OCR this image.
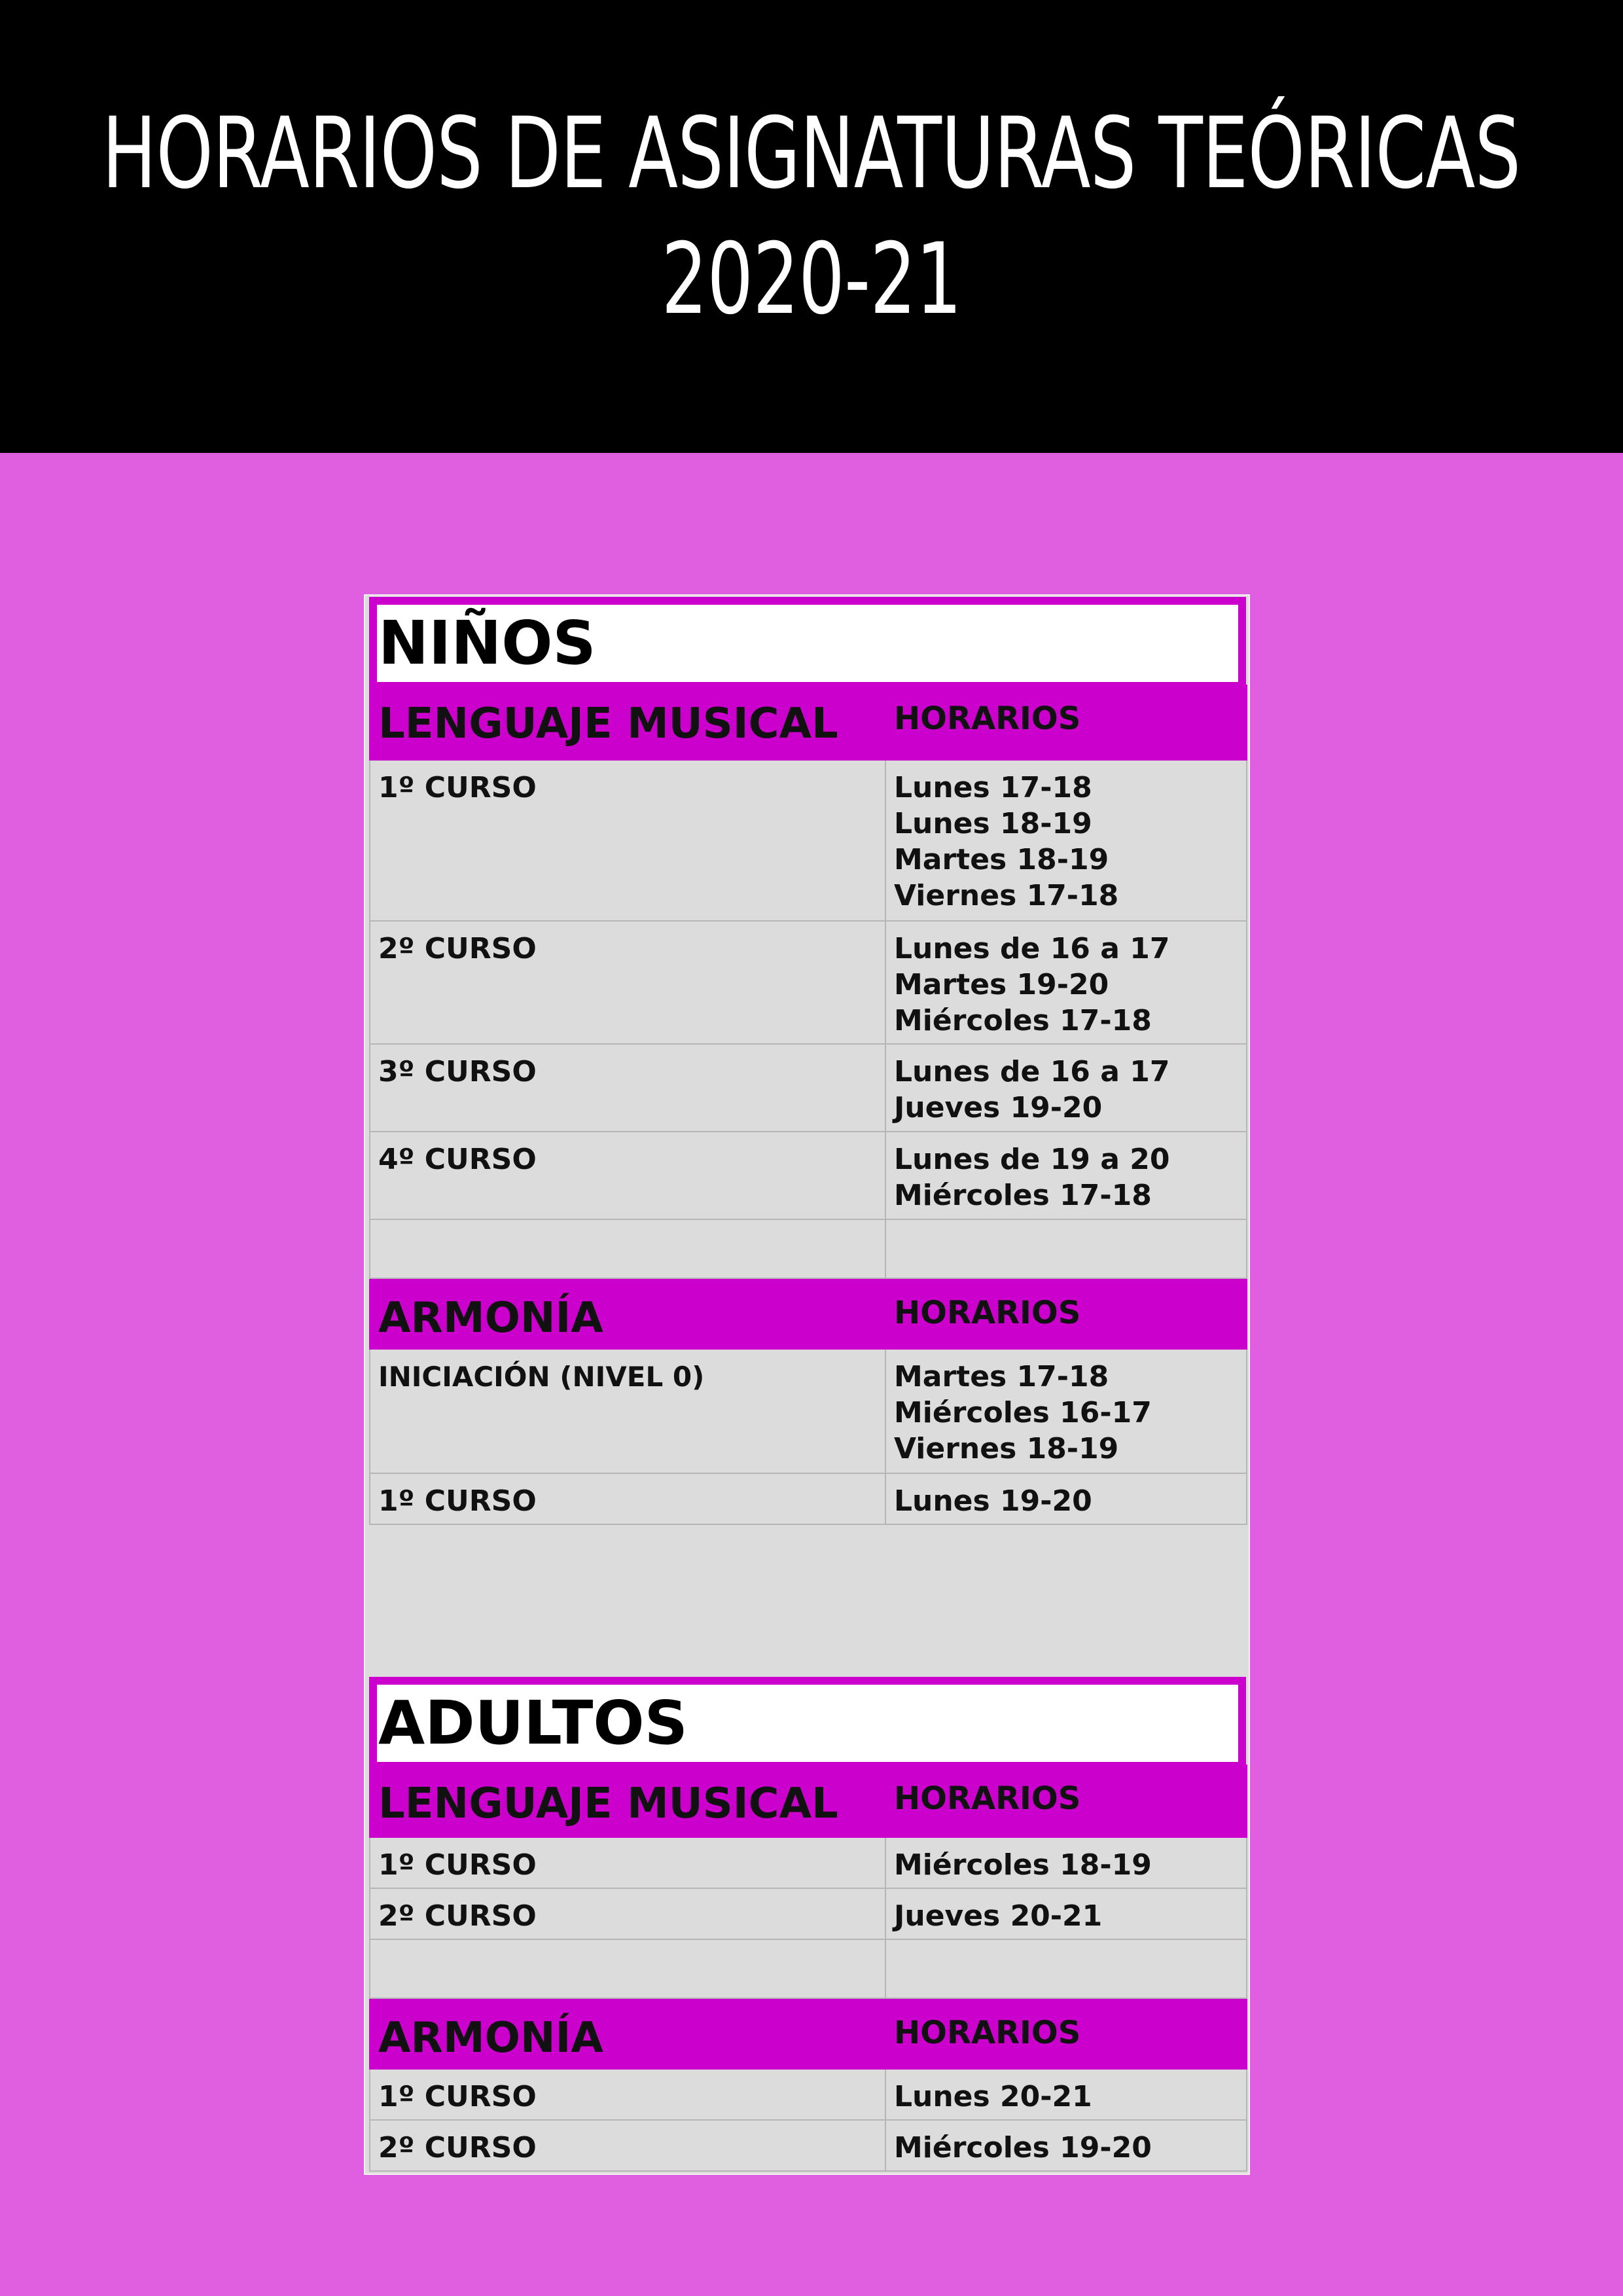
HORARIOS DE ASIGNATURAS TEÓRICAS
2020-21
NIÑOS
LENGUAJE MUSICAL	HORARIOS
1º CURSO	Lunes 17-18
Lunes 18-19
Martes 18-19
Viernes 17-18

2º CURSO	Lunes de 16 a 17
Martes 19-20
Miércoles 17-18

3º CURSO	Lunes de 16 a 17
Jueves 19-20

4º CURSO	Lunes de 19 a 20
Miércoles 17-18

ARMONÍA	HORARIOS
INICIACIÓN (NIVEL 0)	Martes 17-18
Miércoles 16-17
Viernes 18-19

1º CURSO	Lunes 19-20
ADULTOS
LENGUAJE MUSICAL	HORARIOS
1º CURSO	Miércoles 18-19

2º CURSO	Jueves 20-21

ARMONÍA	HORARIOS
1º CURSO	Lunes 20-21

2º CURSO	Miércoles 19-20
